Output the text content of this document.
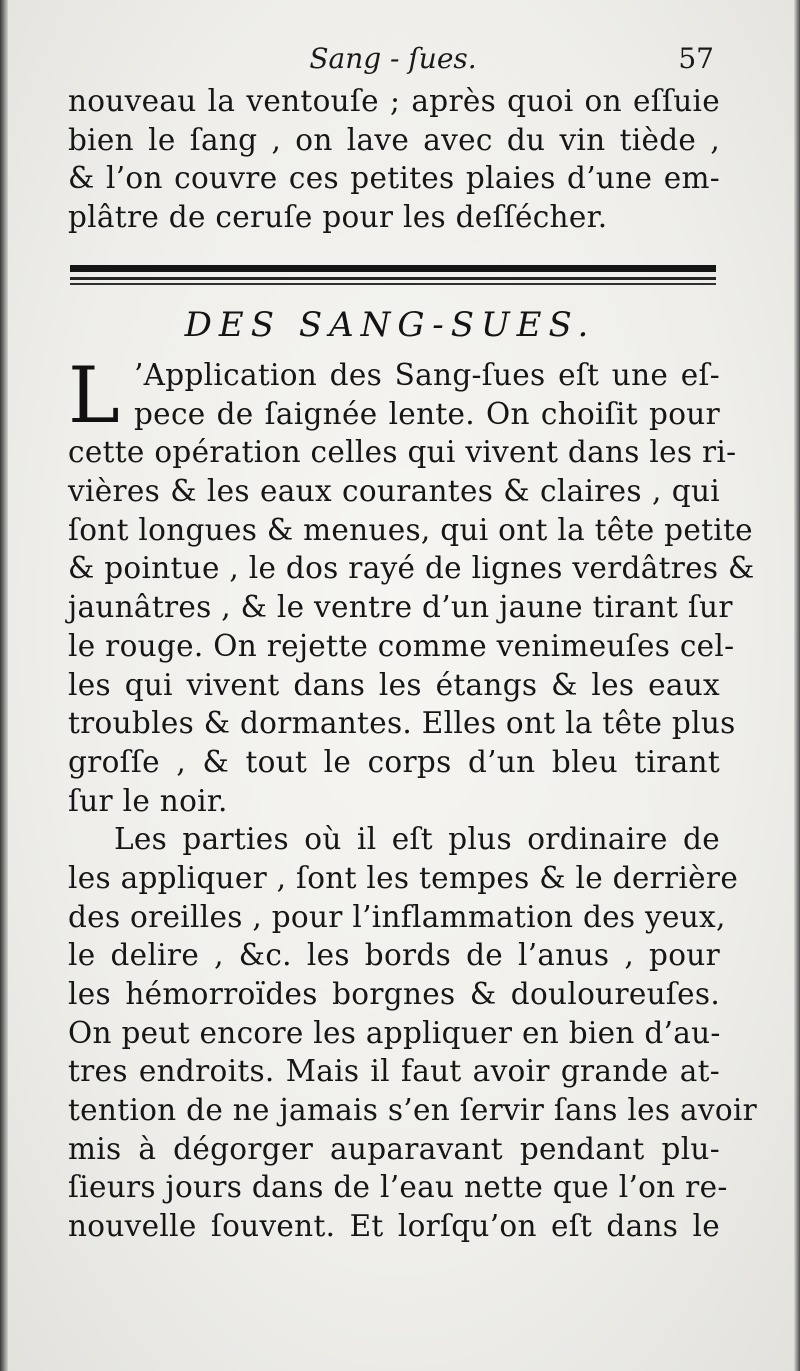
Sang - ſues.	57
nouveau la ventouſe ; après quoi on eſſuie
bien le ſang , on lave avec du vin tiède ,
& l’on couvre ces petites plaies d’une em-
plâtre de ceruſe pour les deſſécher.
DES SANG-SUES.
L ’Application des Sang-ſues eſt une eſ-
pece de ſaignée lente. On choiſit pour
cette opération celles qui vivent dans les ri-
vières & les eaux courantes & claires , qui
ſont longues & menues, qui ont la tête petite
& pointue , le dos rayé de lignes verdâtres &
jaunâtres , & le ventre d’un jaune tirant ſur
le rouge. On rejette comme venimeuſes cel-
les qui vivent dans les étangs & les eaux
troubles & dormantes. Elles ont la tête plus
groſſe , & tout le corps d’un bleu tirant
ſur le noir.
Les parties où il eſt plus ordinaire de
les appliquer , ſont les tempes & le derrière
des oreilles , pour l’inflammation des yeux,
le delire , &c. les bords de l’anus , pour
les hémorroïdes borgnes & douloureuſes.
On peut encore les appliquer en bien d’au-
tres endroits. Mais il faut avoir grande at-
tention de ne jamais s’en ſervir ſans les avoir
mis à dégorger auparavant pendant plu-
ſieurs jours dans de l’eau nette que l’on re-
nouvelle ſouvent. Et lorſqu’on eſt dans le
